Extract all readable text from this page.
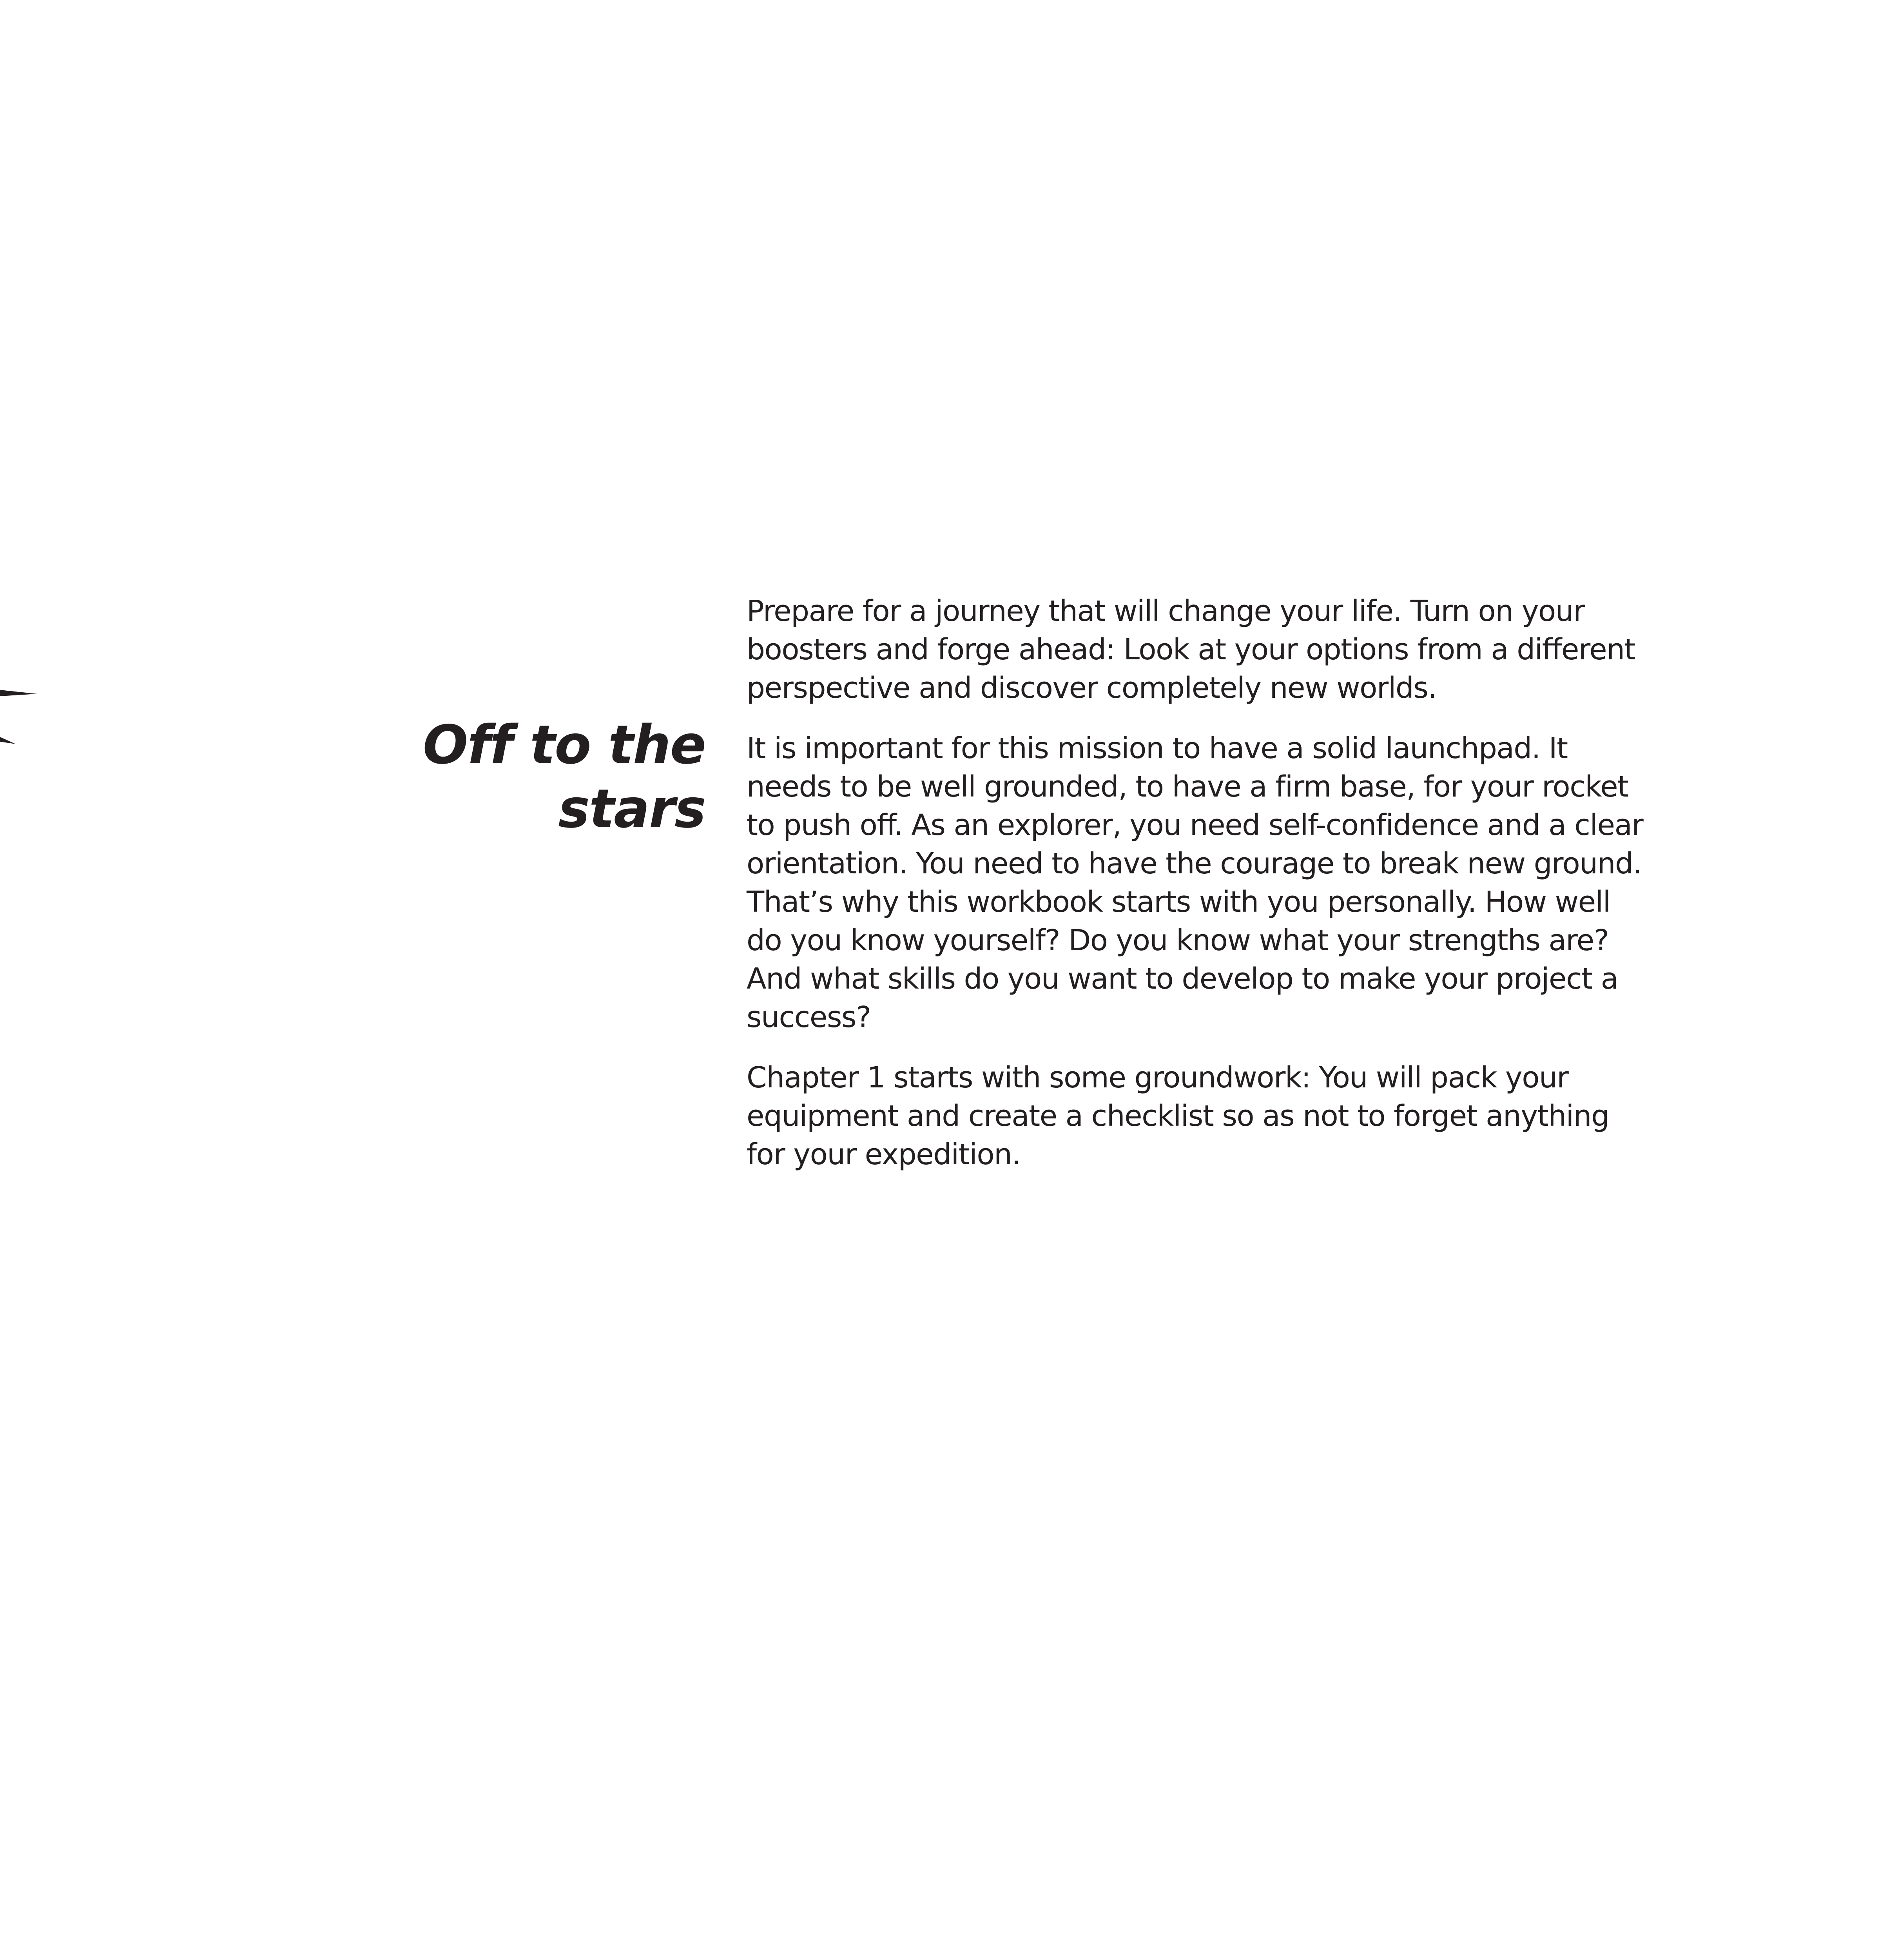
Off to the stars

Prepare for a journey that will change your life. Turn on your boosters and forge ahead: Look at your options from a different perspective and discover completely new worlds.

It is important for this mission to have a solid launchpad. It needs to be well grounded, to have a firm base, for your rocket to push off. As an explorer, you need self-confidence and a clear orientation. You need to have the courage to break new ground. That’s why this workbook starts with you personally. How well do you know yourself? Do you know what your strengths are? And what skills do you want to develop to make your project a success?

Chapter 1 starts with some groundwork: You will pack your equipment and create a checklist so as not to forget anything for your expedition.
